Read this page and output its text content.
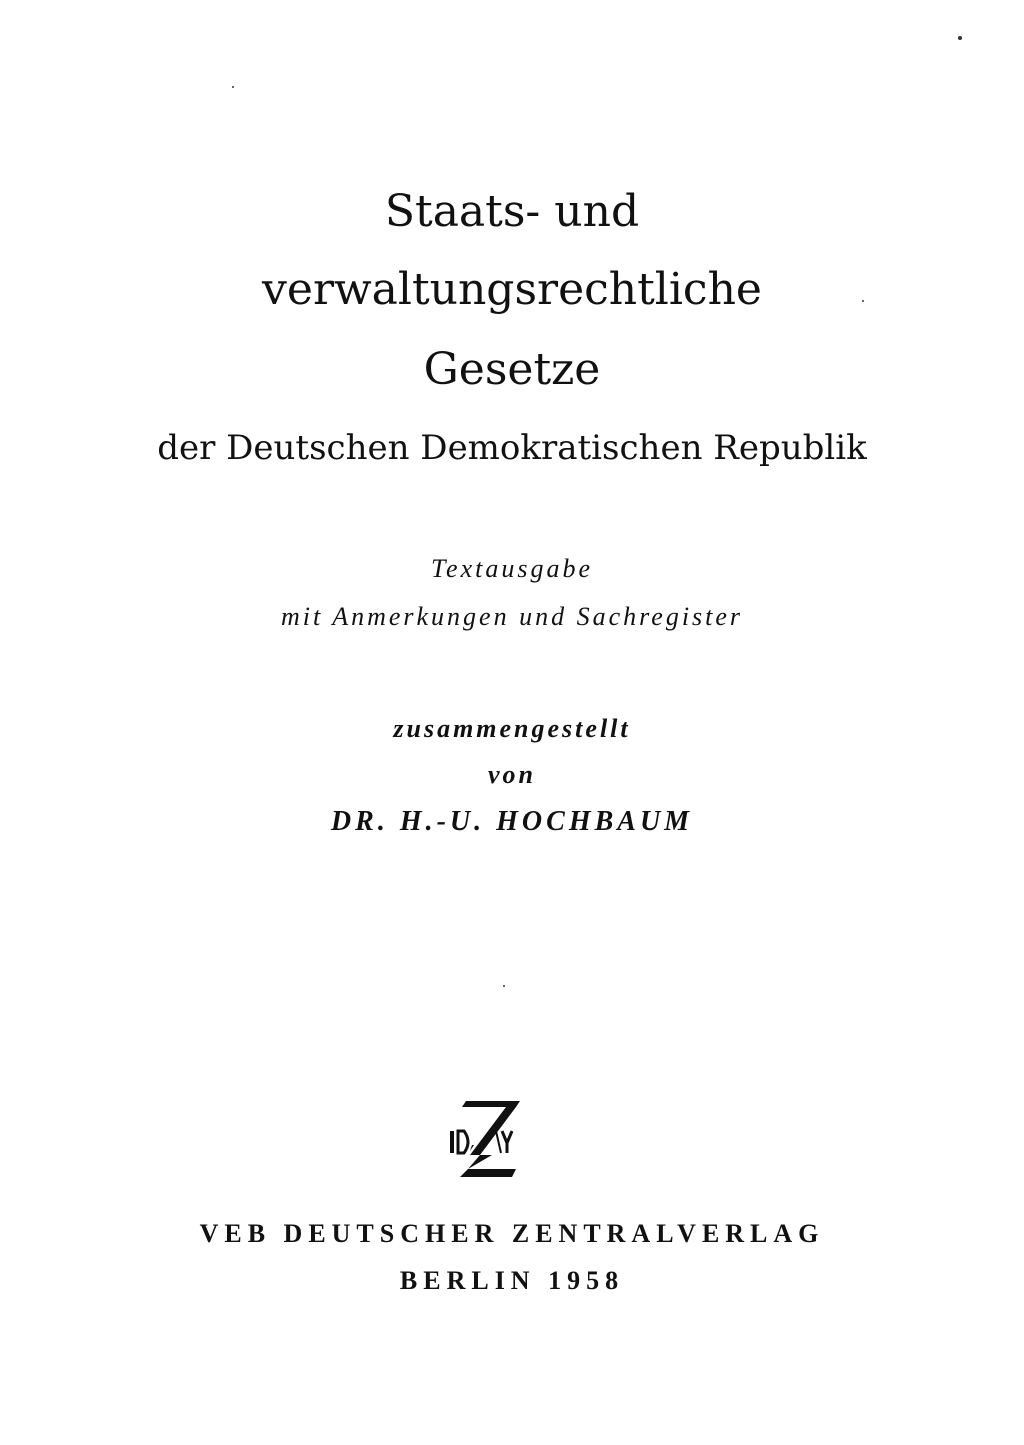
Staats- und
verwaltungsrechtliche
Gesetze
der Deutschen Demokratischen Republik
Textausgabe
mit Anmerkungen und Sachregister
zusammengestellt
von
DR. H.-U. HOCHBAUM
VEB DEUTSCHER ZENTRALVERLAG
BERLIN 1958
